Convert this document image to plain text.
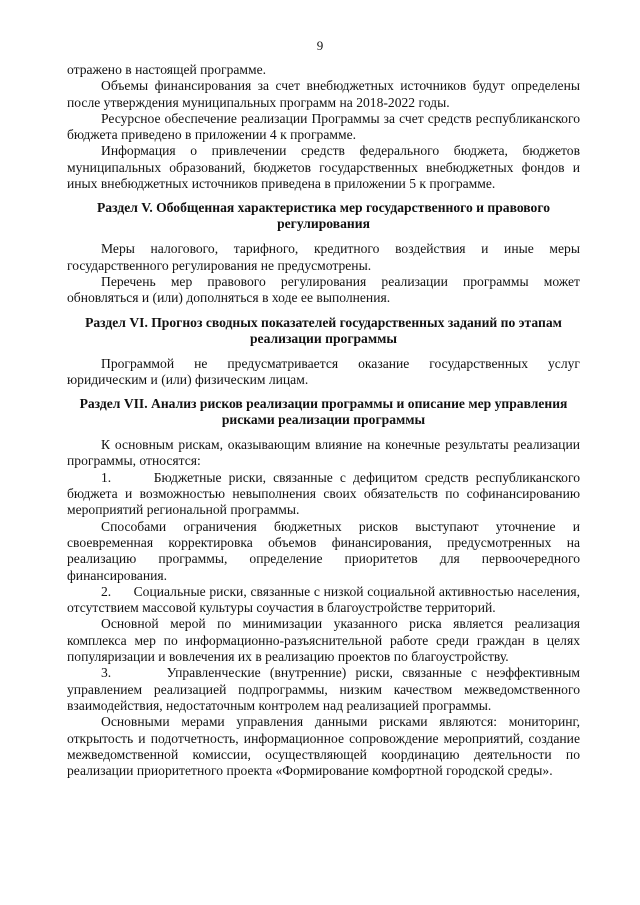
9

отражено в настоящей программе.

Объемы финансирования за счет внебюджетных источников будут определены после утверждения муниципальных программ на 2018-2022 годы.

Ресурсное обеспечение реализации Программы за счет средств республиканского бюджета приведено в приложении 4 к программе.

Информация о привлечении средств федерального бюджета, бюджетов муниципальных образований, бюджетов государственных внебюджетных фондов и иных внебюджетных источников приведена в приложении 5 к программе.

Раздел V. Обобщенная характеристика мер государственного и правового регулирования

Меры налогового, тарифного, кредитного воздействия и иные меры государственного регулирования не предусмотрены.

Перечень мер правового регулирования реализации программы может обновляться и (или) дополняться в ходе ее выполнения.

Раздел VI. Прогноз сводных показателей государственных заданий по этапам реализации программы

Программой не предусматривается оказание государственных услуг юридическим и (или) физическим лицам.

Раздел VII. Анализ рисков реализации программы и описание мер управления рисками реализации программы

К основным рискам, оказывающим влияние на конечные результаты реализации программы, относятся:

1.      Бюджетные риски, связанные с дефицитом средств республиканского бюджета и возможностью невыполнения своих обязательств по софинансированию мероприятий региональной программы.

Способами ограничения бюджетных рисков выступают уточнение и своевременная корректировка объемов финансирования, предусмотренных на реализацию программы, определение приоритетов для первоочередного финансирования.

2.      Социальные риски, связанные с низкой социальной активностью населения, отсутствием массовой культуры соучастия в благоустройстве территорий.

Основной мерой по минимизации указанного риска является реализация комплекса мер по информационно-разъяснительной работе среди граждан в целях популяризации и вовлечения их в реализацию проектов по благоустройству.

3.      Управленческие (внутренние) риски, связанные с неэффективным управлением реализацией подпрограммы, низким качеством межведомственного взаимодействия, недостаточным контролем над реализацией программы.

Основными мерами управления данными рисками являются: мониторинг, открытость и подотчетность, информационное сопровождение мероприятий, создание межведомственной комиссии, осуществляющей координацию деятельности по реализации приоритетного проекта «Формирование комфортной городской среды».
